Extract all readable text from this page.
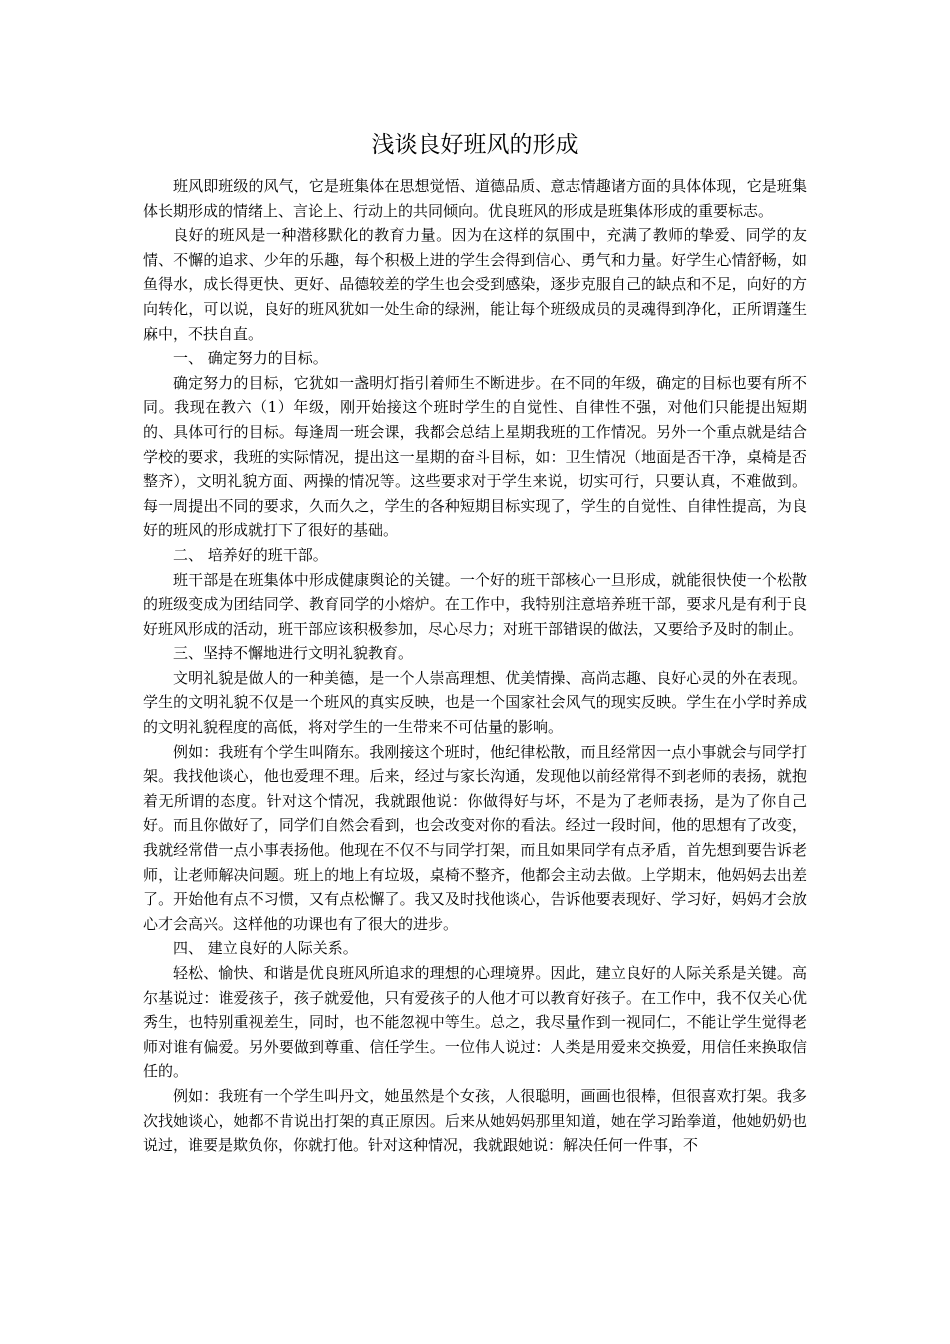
浅谈良好班风的形成

班风即班级的风气，它是班集体在思想觉悟、道德品质、意志情趣诸方面的具体体现，它是班集体长期形成的情绪上、言论上、行动上的共同倾向。优良班风的形成是班集体形成的重要标志。

良好的班风是一种潜移默化的教育力量。因为在这样的氛围中，充满了教师的挚爱、同学的友情、不懈的追求、少年的乐趣，每个积极上进的学生会得到信心、勇气和力量。好学生心情舒畅，如鱼得水，成长得更快、更好、品德较差的学生也会受到感染，逐步克服自己的缺点和不足，向好的方向转化，可以说，良好的班风犹如一处生命的绿洲，能让每个班级成员的灵魂得到净化，正所谓蓬生麻中，不扶自直。

一、 确定努力的目标。

确定努力的目标，它犹如一盏明灯指引着师生不断进步。在不同的年级，确定的目标也要有所不同。我现在教六（1）年级，刚开始接这个班时学生的自觉性、自律性不强，对他们只能提出短期的、具体可行的目标。每逢周一班会课，我都会总结上星期我班的工作情况。另外一个重点就是结合学校的要求，我班的实际情况，提出这一星期的奋斗目标，如：卫生情况（地面是否干净，桌椅是否整齐），文明礼貌方面、两操的情况等。这些要求对于学生来说，切实可行，只要认真，不难做到。每一周提出不同的要求，久而久之，学生的各种短期目标实现了，学生的自觉性、自律性提高，为良好的班风的形成就打下了很好的基础。

二、 培养好的班干部。

班干部是在班集体中形成健康舆论的关键。一个好的班干部核心一旦形成，就能很快使一个松散的班级变成为团结同学、教育同学的小熔炉。在工作中，我特别注意培养班干部，要求凡是有利于良好班风形成的活动，班干部应该积极参加，尽心尽力；对班干部错误的做法，又要给予及时的制止。

三、坚持不懈地进行文明礼貌教育。

文明礼貌是做人的一种美德，是一个人崇高理想、优美情操、高尚志趣、良好心灵的外在表现。学生的文明礼貌不仅是一个班风的真实反映，也是一个国家社会风气的现实反映。学生在小学时养成的文明礼貌程度的高低，将对学生的一生带来不可估量的影响。

例如：我班有个学生叫隋东。我刚接这个班时，他纪律松散，而且经常因一点小事就会与同学打架。我找他谈心，他也爱理不理。后来，经过与家长沟通，发现他以前经常得不到老师的表扬，就抱着无所谓的态度。针对这个情况，我就跟他说：你做得好与坏，不是为了老师表扬，是为了你自己好。而且你做好了，同学们自然会看到，也会改变对你的看法。经过一段时间，他的思想有了改变，我就经常借一点小事表扬他。他现在不仅不与同学打架，而且如果同学有点矛盾，首先想到要告诉老师，让老师解决问题。班上的地上有垃圾，桌椅不整齐，他都会主动去做。上学期末，他妈妈去出差了。开始他有点不习惯，又有点松懈了。我又及时找他谈心，告诉他要表现好、学习好，妈妈才会放心才会高兴。这样他的功课也有了很大的进步。

四、 建立良好的人际关系。

轻松、愉快、和谐是优良班风所追求的理想的心理境界。因此，建立良好的人际关系是关键。高尔基说过：谁爱孩子，孩子就爱他，只有爱孩子的人他才可以教育好孩子。在工作中，我不仅关心优秀生，也特别重视差生，同时，也不能忽视中等生。总之，我尽量作到一视同仁，不能让学生觉得老师对谁有偏爱。另外要做到尊重、信任学生。一位伟人说过：人类是用爱来交换爱，用信任来换取信任的。

例如：我班有一个学生叫丹文，她虽然是个女孩，人很聪明，画画也很棒，但很喜欢打架。我多次找她谈心，她都不肯说出打架的真正原因。后来从她妈妈那里知道，她在学习跆拳道，他她奶奶也说过，谁要是欺负你，你就打他。针对这种情况，我就跟她说：解决任何一件事，不
